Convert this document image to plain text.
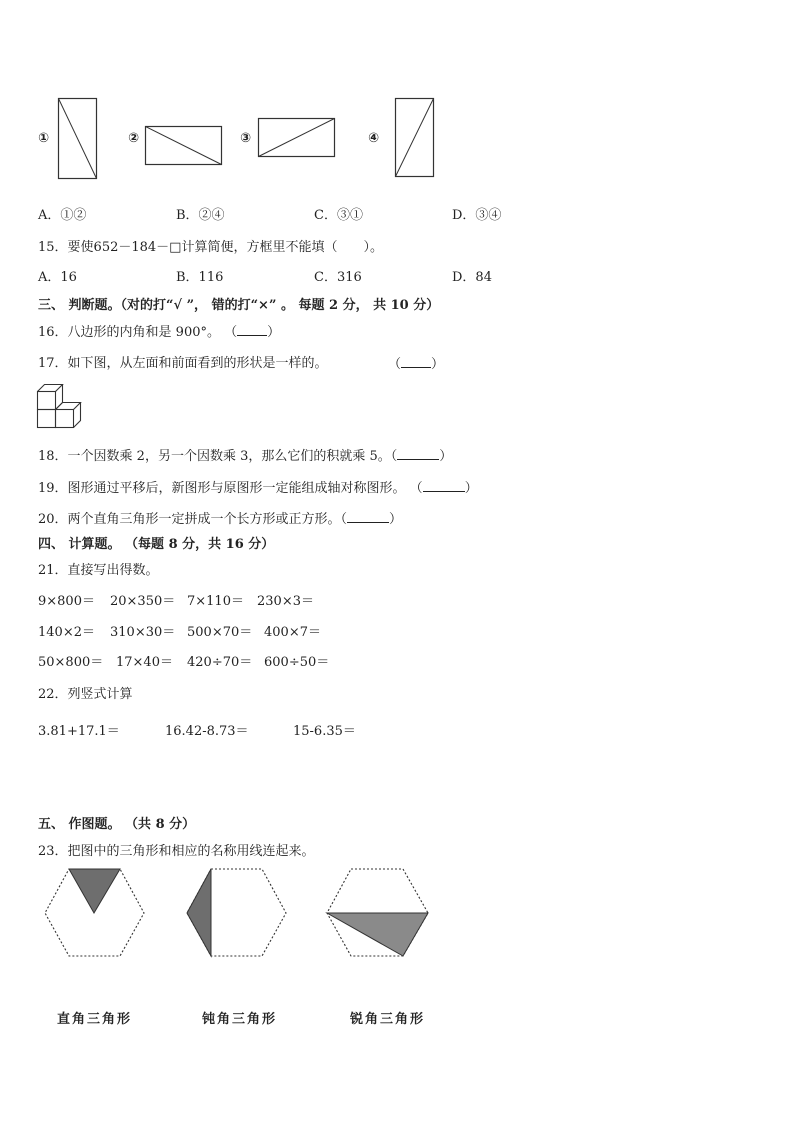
①	②	③	④
A．①②	B．②④	C．③①	D．③④
15．要使652－184－□计算简便，方框里不能填（　　）。
A．16	B．116	C．316	D．84
三、 判断题。（对的打“√ ”， 错的打“×” 。 每题 2 分， 共 10 分）
16．八边形的内角和是 900°。 （ ）
17．如下图，从左面和前面看到的形状是一样的。	（ ）
18．一个因数乘 2，另一个因数乘 3，那么它们的积就乘 5。（	）
19．图形通过平移后，新图形与原图形一定能组成轴对称图形。 （	）
20．两个直角三角形一定拼成一个长方形或正方形。（	）
四、 计算题。 （每题 8 分，共 16 分）
21．直接写出得数。
9×800＝ 20×350＝ 7×110＝ 230×3＝
140×2＝ 310×30＝ 500×70＝ 400×7＝
50×800＝ 17×40＝ 420÷70＝ 600÷50＝
22．列竖式计算
3.81+17.1＝	16.42-8.73＝	15-6.35＝
五、 作图题。 （共 8 分）
23．把图中的三角形和相应的名称用线连起来。
直角三角形	钝角三角形	锐角三角形
